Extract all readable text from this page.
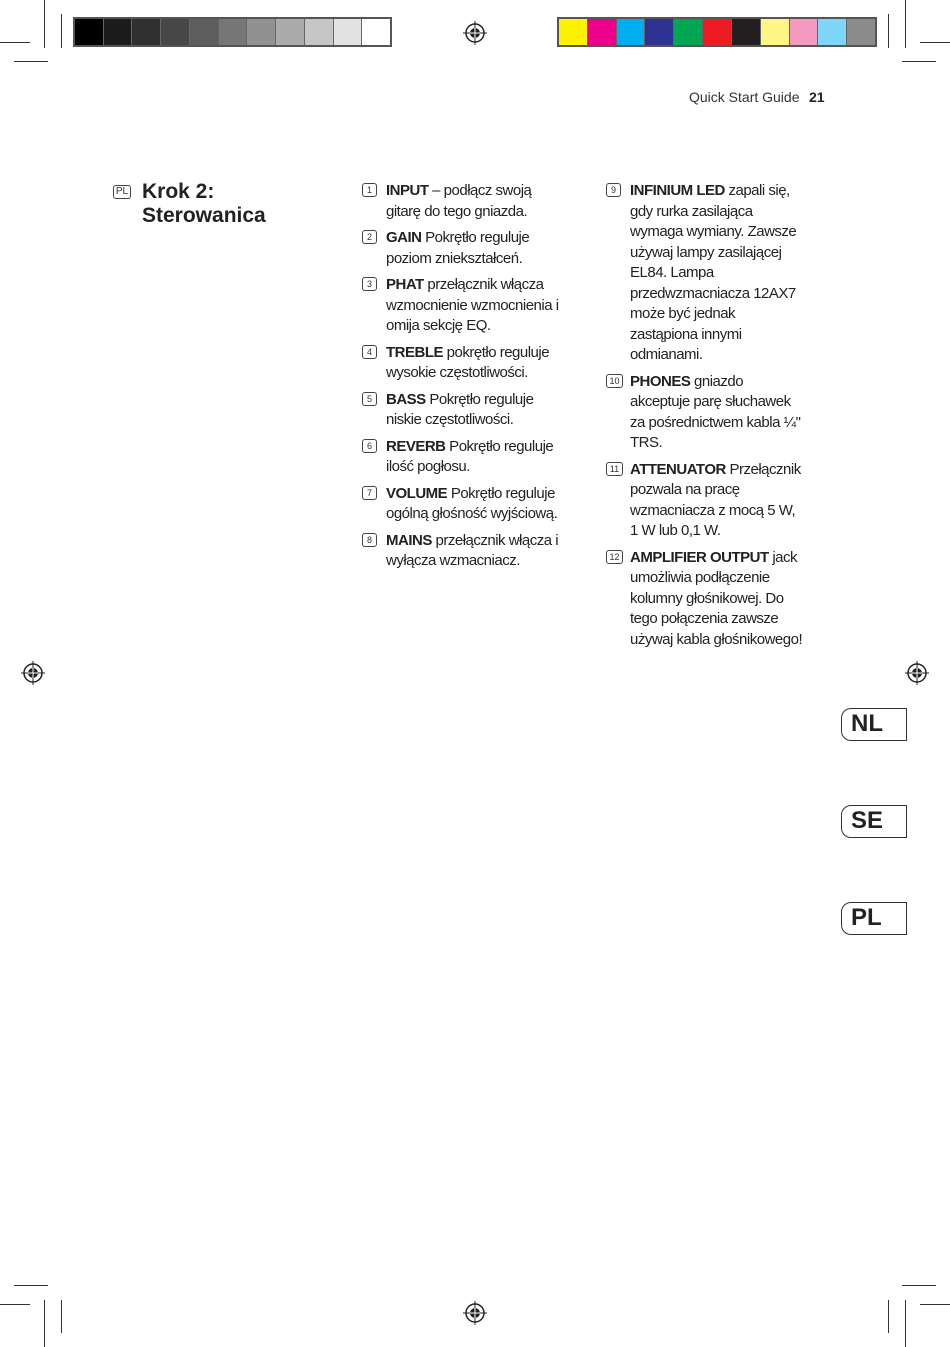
Quick Start Guide 21
PL Krok 2:
Sterowanica
1 INPUT – podłącz swoją gitarę do tego gniazda.
2 GAIN Pokrętło reguluje poziom zniekształceń.
3 PHAT przełącznik włącza wzmocnienie wzmocnienia i omija sekcję EQ.
4 TREBLE pokrętło reguluje wysokie częstotliwości.
5 BASS Pokrętło reguluje niskie częstotliwości.
6 REVERB Pokrętło reguluje ilość pogłosu.
7 VOLUME Pokrętło reguluje ogólną głośność wyjściową.
8 MAINS przełącznik włącza i wyłącza wzmacniacz.
9 INFINIUM LED zapali się, gdy rurka zasilająca wymaga wymiany. Zawsze używaj lampy zasilającej EL84. Lampa przedwzmacniacza 12AX7 może być jednak zastąpiona innymi odmianami.
10 PHONES gniazdo akceptuje parę słuchawek za pośrednictwem kabla ¼" TRS.
11 ATTENUATOR Przełącznik pozwala na pracę wzmacniacza z mocą 5 W, 1 W lub 0,1 W.
12 AMPLIFIER OUTPUT jack umożliwia podłączenie kolumny głośnikowej. Do tego połączenia zawsze używaj kabla głośnikowego!
NL
SE
PL
